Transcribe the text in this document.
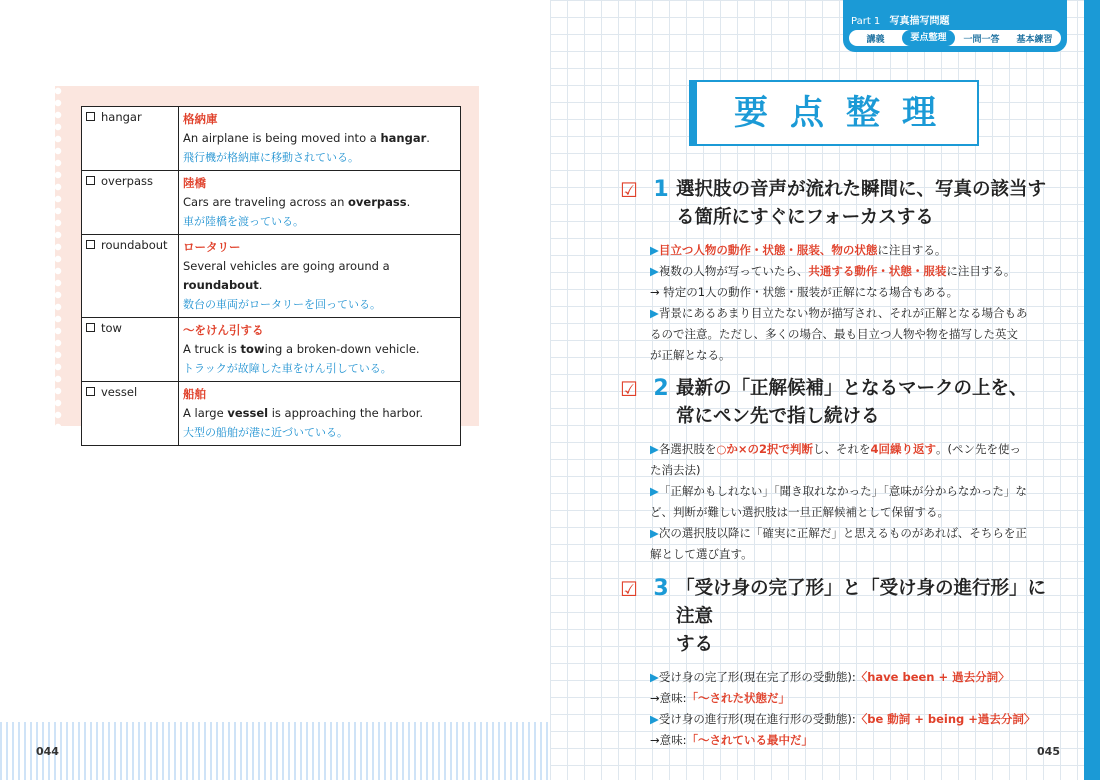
hangar	格納庫
An airplane is being moved into a hangar.
飛行機が格納庫に移動されている。

overpass	陸橋
Cars are traveling across an overpass.
車が陸橋を渡っている。

roundabout	ロータリー
Several vehicles are going around a roundabout.
数台の車両がロータリーを回っている。

tow	～をけん引する
A truck is towing a broken-down vehicle.
トラックが故障した車をけん引している。

vessel	船舶
A large vessel is approaching the harbor.
大型の船舶が港に近づいている。
044
Part 1 写真描写問題
講義	要点整理	一問一答	基本練習
要点整理
☑ 1 選択肢の音声が流れた瞬間に、写真の該当す
る箇所にすぐにフォーカスする
▶目立つ人物の動作・状態・服装、物の状態に注目する。
▶複数の人物が写っていたら、共通する動作・状態・服装に注目する。
→ 特定の1人の動作・状態・服装が正解になる場合もある。
▶背景にあるあまり目立たない物が描写され、それが正解となる場合もあ
るので注意。ただし、多くの場合、最も目立つ人物や物を描写した英文
が正解となる。
☑ 2 最新の「正解候補」となるマークの上を、
常にペン先で指し続ける
▶各選択肢を○か×の2択で判断し、それを4回繰り返す。(ペン先を使っ
た消去法)
▶「正解かもしれない」「聞き取れなかった」「意味が分からなかった」な
ど、判断が難しい選択肢は一旦正解候補として保留する。
▶次の選択肢以降に「確実に正解だ」と思えるものがあれば、そちらを正
解として選び直す。
☑ 3 「受け身の完了形」と「受け身の進行形」に注意
する
▶受け身の完了形(現在完了形の受動態):〈have been + 過去分詞〉
→意味:「～された状態だ」
▶受け身の進行形(現在進行形の受動態):〈be 動詞 + being +過去分詞〉
→意味:「～されている最中だ」
045
